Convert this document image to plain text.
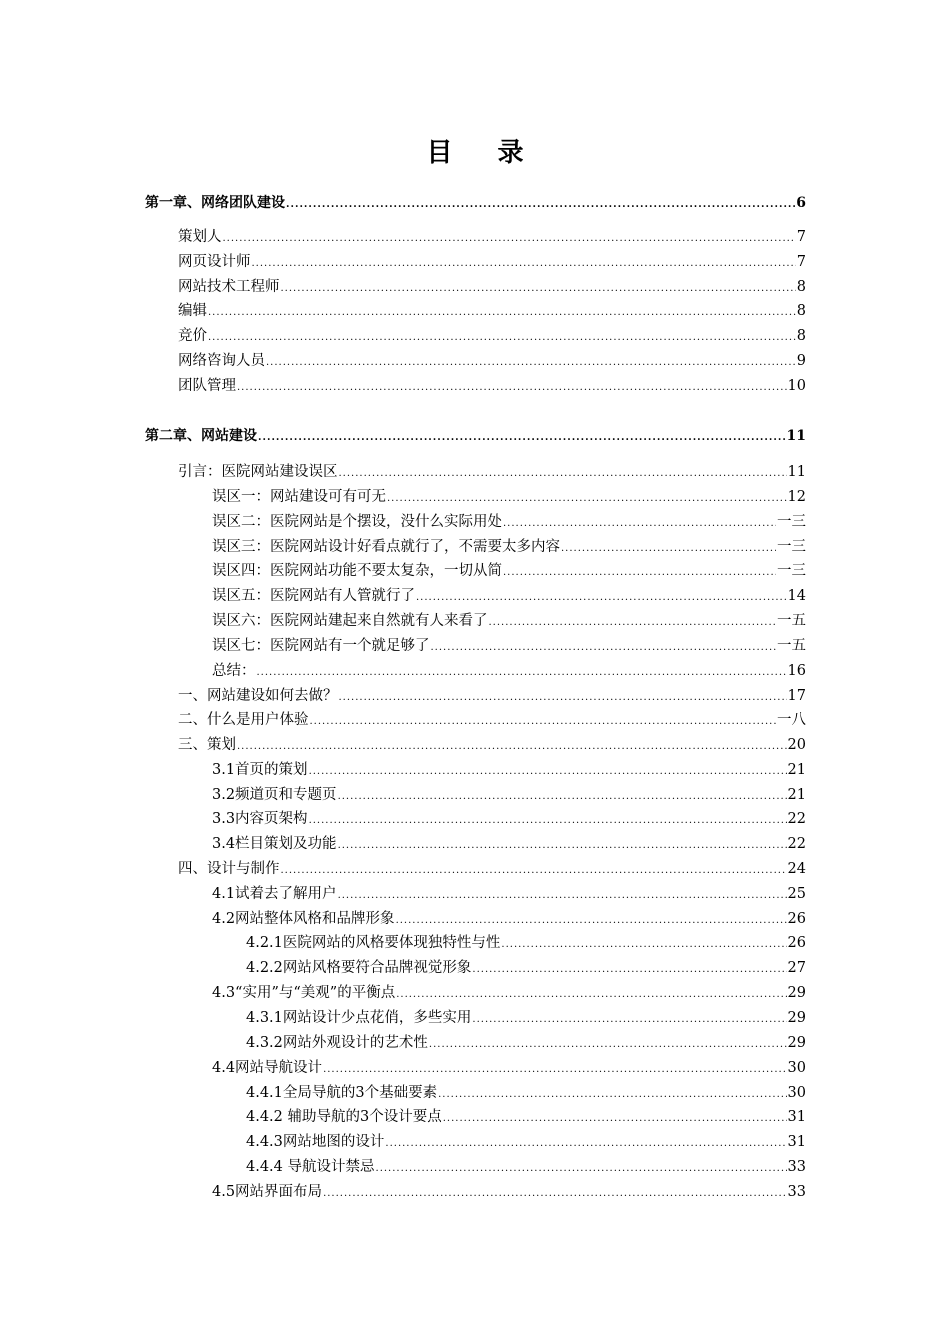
目 录
第一章、网络团队建设 .....	6
策划人 .....	7
网页设计师 .....	7
网站技术工程师 .....	8
编辑 .....	8
竞价 .....	8
网络咨询人员 .....	9
团队管理 .....	10
第二章、网站建设 .....	11
引言：医院网站建设误区 .....	11
误区一：网站建设可有可无 .....	12
误区二：医院网站是个摆设，没什么实际用处 .....	一三
误区三：医院网站设计好看点就行了，不需要太多内容 .....	一三
误区四：医院网站功能不要太复杂，一切从简 .....	一三
误区五：医院网站有人管就行了 .....	14
误区六：医院网站建起来自然就有人来看了 .....	一五
误区七：医院网站有一个就足够了 .....	一五
总结： .....	16
一、网站建设如何去做？ .....	17
二、什么是用户体验 .....	一八
三、策划 .....	20
3.1首页的策划 .....	21
3.2频道页和专题页 .....	21
3.3内容页架构 .....	22
3.4栏目策划及功能 .....	22
四、设计与制作 .....	24
4.1试着去了解用户 .....	25
4.2网站整体风格和品牌形象 .....	26
4.2.1医院网站的风格要体现独特性与性 .....	26
4.2.2网站风格要符合品牌视觉形象 .....	27
4.3“实用”与“美观”的平衡点 .....	29
4.3.1网站设计少点花俏，多些实用 .....	29
4.3.2网站外观设计的艺术性 .....	29
4.4网站导航设计 .....	30
4.4.1全局导航的3个基础要素 .....	30
4.4.2 辅助导航的3个设计要点 .....	31
4.4.3网站地图的设计 .....	31
4.4.4 导航设计禁忌 .....	33
4.5网站界面布局 .....	33
